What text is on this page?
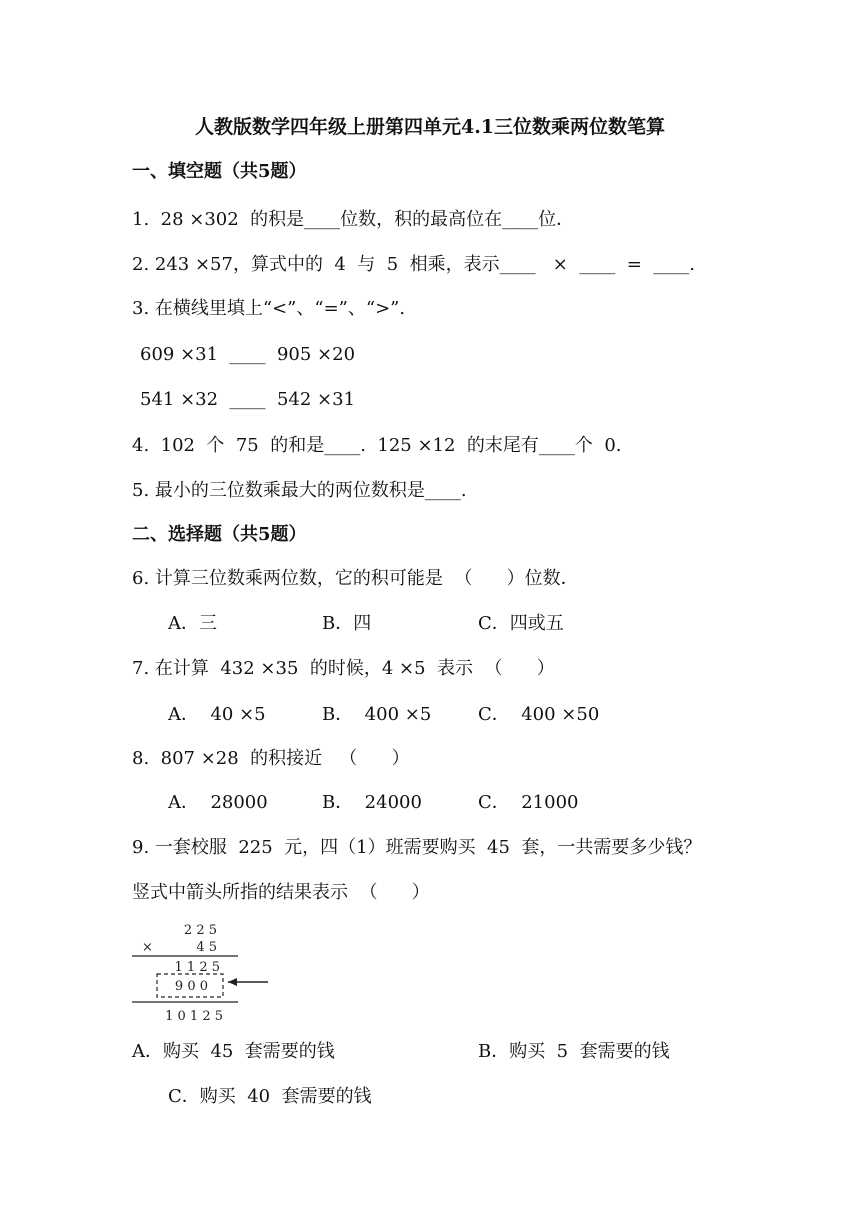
人教版数学四年级上册第四单元4.1三位数乘两位数笔算
一、填空题（共5题）
1.  28 ×302  的积是____位数，积的最高位在____位．
2. 243 ×57，算式中的  4  与  5  相乘，表示____   ×  ____  =  ____.
3. 在横线里填上“<”、“=”、“>”.
609 ×31  ____  905 ×20
541 ×32  ____  542 ×31
4.  102  个  75  的和是____.  125 ×12  的末尾有____个  0.
5. 最小的三位数乘最大的两位数积是____.
二、选择题（共5题）
6. 计算三位数乘两位数，它的积可能是  （      ）位数．
A．三	B．四	C．四或五
7. 在计算  432 ×35  的时候，4 ×5  表示  （      ）
A．  40 ×5	B．  400 ×5	C．  400 ×50
8.  807 ×28  的积接近   （      ）
A．  28000	B．  24000	C．  21000
9. 一套校服  225  元，四（1）班需要购买  45  套，一共需要多少钱？
竖式中箭头所指的结果表示  （      ）
2 2 5
×	4 5
1 1 2 5
9 0 0
1 0 1 2 5
A．购买  45  套需要的钱	B．购买  5  套需要的钱
C．购买  40  套需要的钱
